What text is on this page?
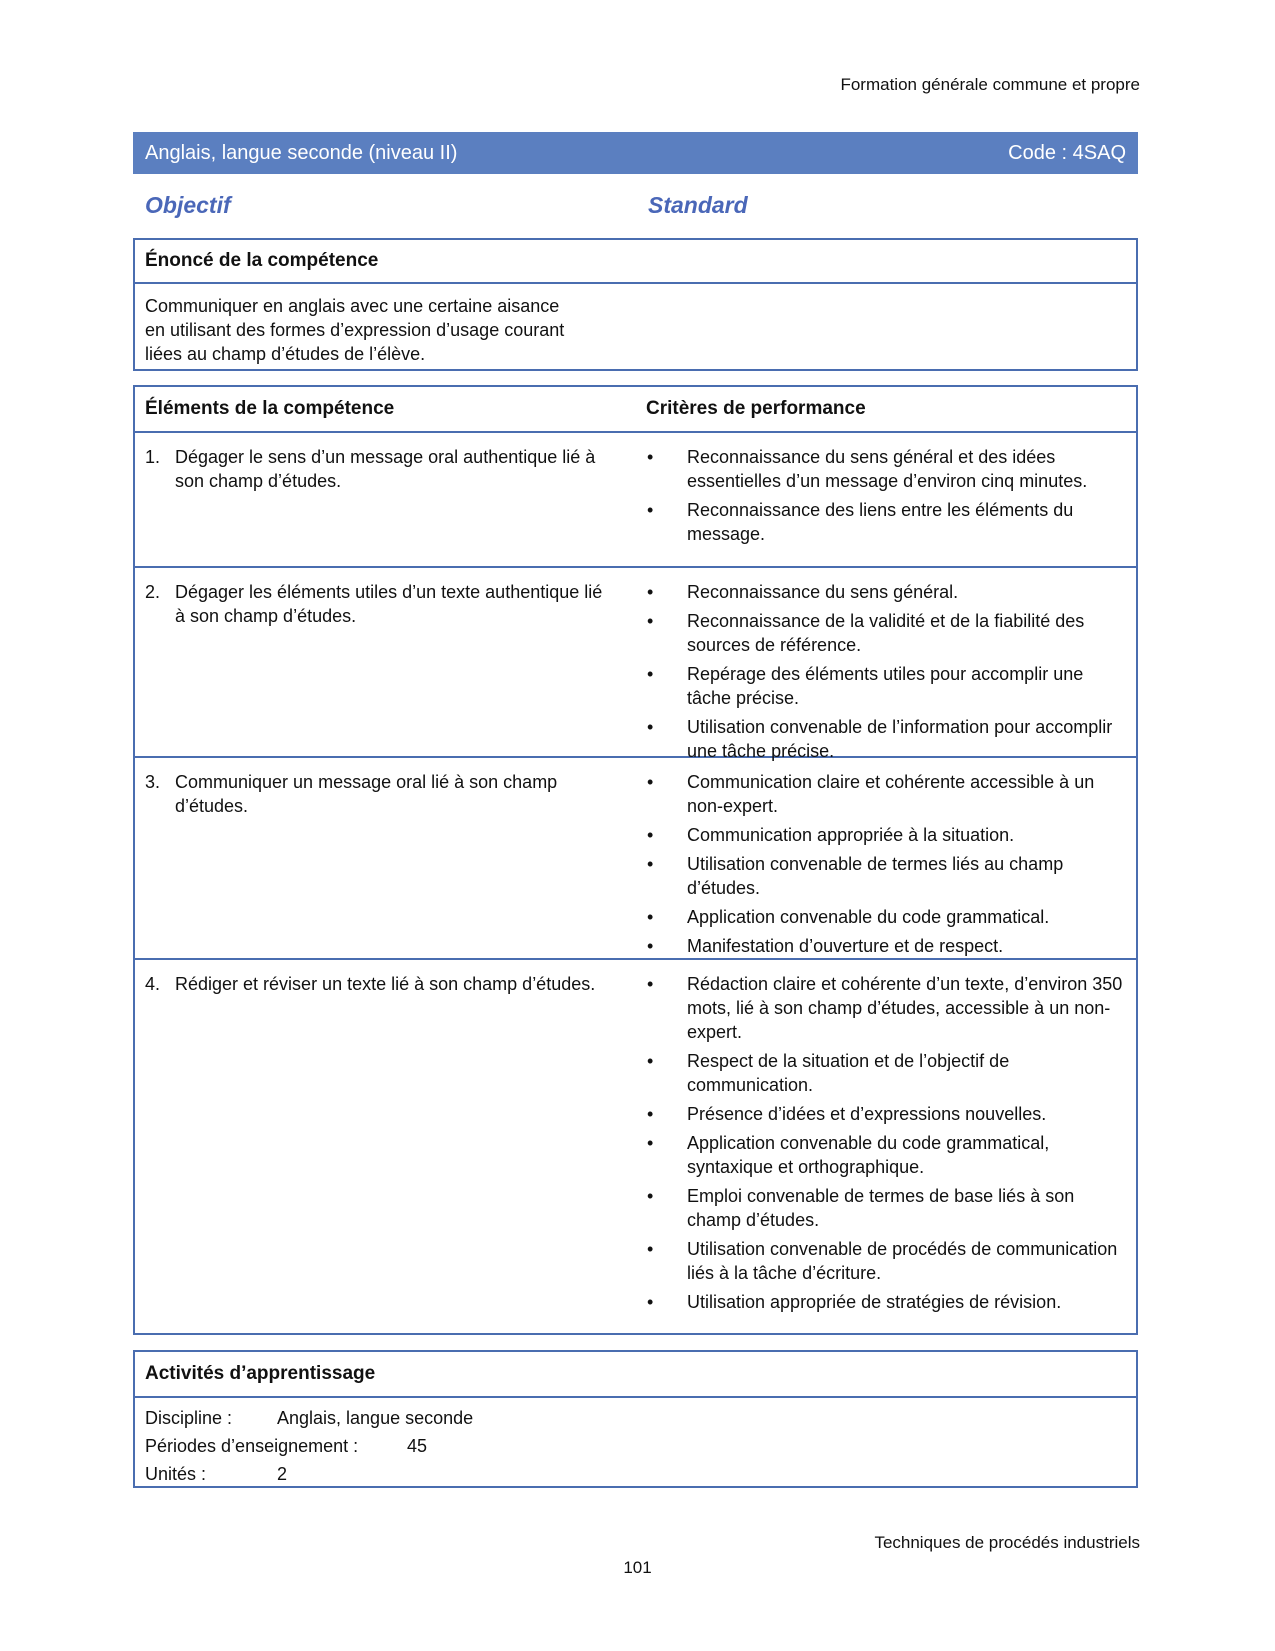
Formation générale commune et propre
Anglais, langue seconde (niveau II)	Code : 4SAQ
Objectif	Standard
Énoncé de la compétence
Communiquer en anglais avec une certaine aisance
en utilisant des formes d’expression d’usage courant
liées au champ d’études de l’élève.
Éléments de la compétence	Critères de performance
1. Dégager le sens d’un message oral authentique lié à son champ d’études.
• Reconnaissance du sens général et des idées essentielles d’un message d’environ cinq minutes.
• Reconnaissance des liens entre les éléments du message.
2. Dégager les éléments utiles d’un texte authentique lié à son champ d’études.
• Reconnaissance du sens général.
• Reconnaissance de la validité et de la fiabilité des sources de référence.
• Repérage des éléments utiles pour accomplir une tâche précise.
• Utilisation convenable de l’information pour accomplir une tâche précise.
3. Communiquer un message oral lié à son champ d’études.
• Communication claire et cohérente accessible à un non-expert.
• Communication appropriée à la situation.
• Utilisation convenable de termes liés au champ d’études.
• Application convenable du code grammatical.
• Manifestation d’ouverture et de respect.
4. Rédiger et réviser un texte lié à son champ d’études.	• Rédaction claire et cohérente d’un texte, d’environ 350 mots, lié à son champ d’études, accessible à un non-expert.
• Respect de la situation et de l’objectif de communication.
• Présence d’idées et d’expressions nouvelles.
• Application convenable du code grammatical, syntaxique et orthographique.
• Emploi convenable de termes de base liés à son champ d’études.
• Utilisation convenable de procédés de communication liés à la tâche d’écriture.
• Utilisation appropriée de stratégies de révision.
Activités d’apprentissage
Discipline : Anglais, langue seconde
Périodes d’enseignement :	45
Unités :	2
Techniques de procédés industriels
101
